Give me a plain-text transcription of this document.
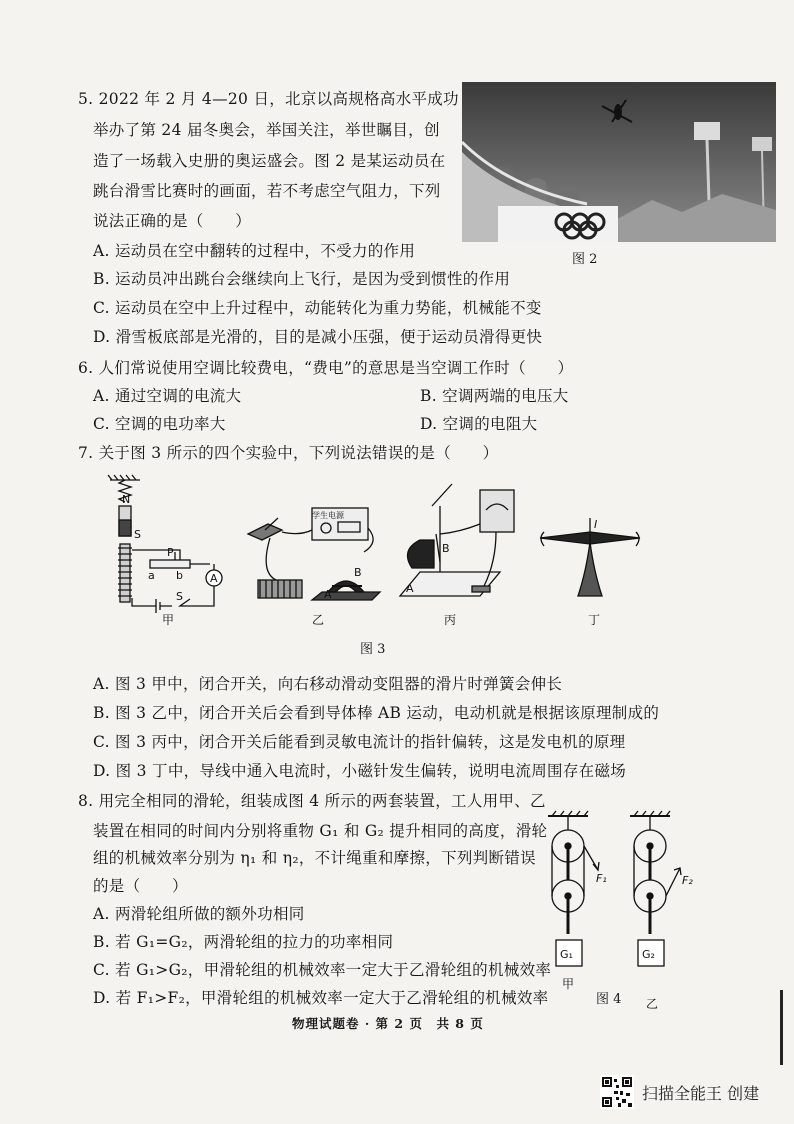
5. 2022 年 2 月 4—20 日，北京以高规格高水平成功
举办了第 24 届冬奥会，举国关注，举世瞩目，创
造了一场载入史册的奥运盛会。图 2 是某运动员在
跳台滑雪比赛时的画面，若不考虑空气阻力，下列
说法正确的是（　　）
A. 运动员在空中翻转的过程中，不受力的作用
B. 运动员冲出跳台会继续向上飞行，是因为受到惯性的作用
C. 运动员在空中上升过程中，动能转化为重力势能，机械能不变
D. 滑雪板底部是光滑的，目的是减小压强，便于运动员滑得更快
图 2
6. 人们常说使用空调比较费电，“费电”的意思是当空调工作时（　　）
A. 通过空调的电流大	B. 空调两端的电压大
C. 空调的电功率大	D. 空调的电阻大
7. 关于图 3 所示的四个实验中，下列说法错误的是（　　）
N
S
P
a b A
S
学生电源
A
B
A
B
I
甲	乙	丙	丁
图 3
A. 图 3 甲中，闭合开关，向右移动滑动变阻器的滑片时弹簧会伸长
B. 图 3 乙中，闭合开关后会看到导体棒 AB 运动，电动机就是根据该原理制成的
C. 图 3 丙中，闭合开关后能看到灵敏电流计的指针偏转，这是发电机的原理
D. 图 3 丁中，导线中通入电流时，小磁针发生偏转，说明电流周围存在磁场
8. 用完全相同的滑轮，组装成图 4 所示的两套装置，工人用甲、乙
装置在相同的时间内分别将重物 G₁ 和 G₂ 提升相同的高度，滑轮
组的机械效率分别为 η₁ 和 η₂，不计绳重和摩擦，下列判断错误
的是（　　）
A. 两滑轮组所做的额外功相同
B. 若 G₁=G₂，两滑轮组的拉力的功率相同
C. 若 G₁>G₂，甲滑轮组的机械效率一定大于乙滑轮组的机械效率
D. 若 F₁>F₂，甲滑轮组的机械效率一定大于乙滑轮组的机械效率
G₁	G₂
F₁	F₂
甲
乙
图 4
物理试题卷 · 第 2 页　共 8 页
扫描全能王 创建
